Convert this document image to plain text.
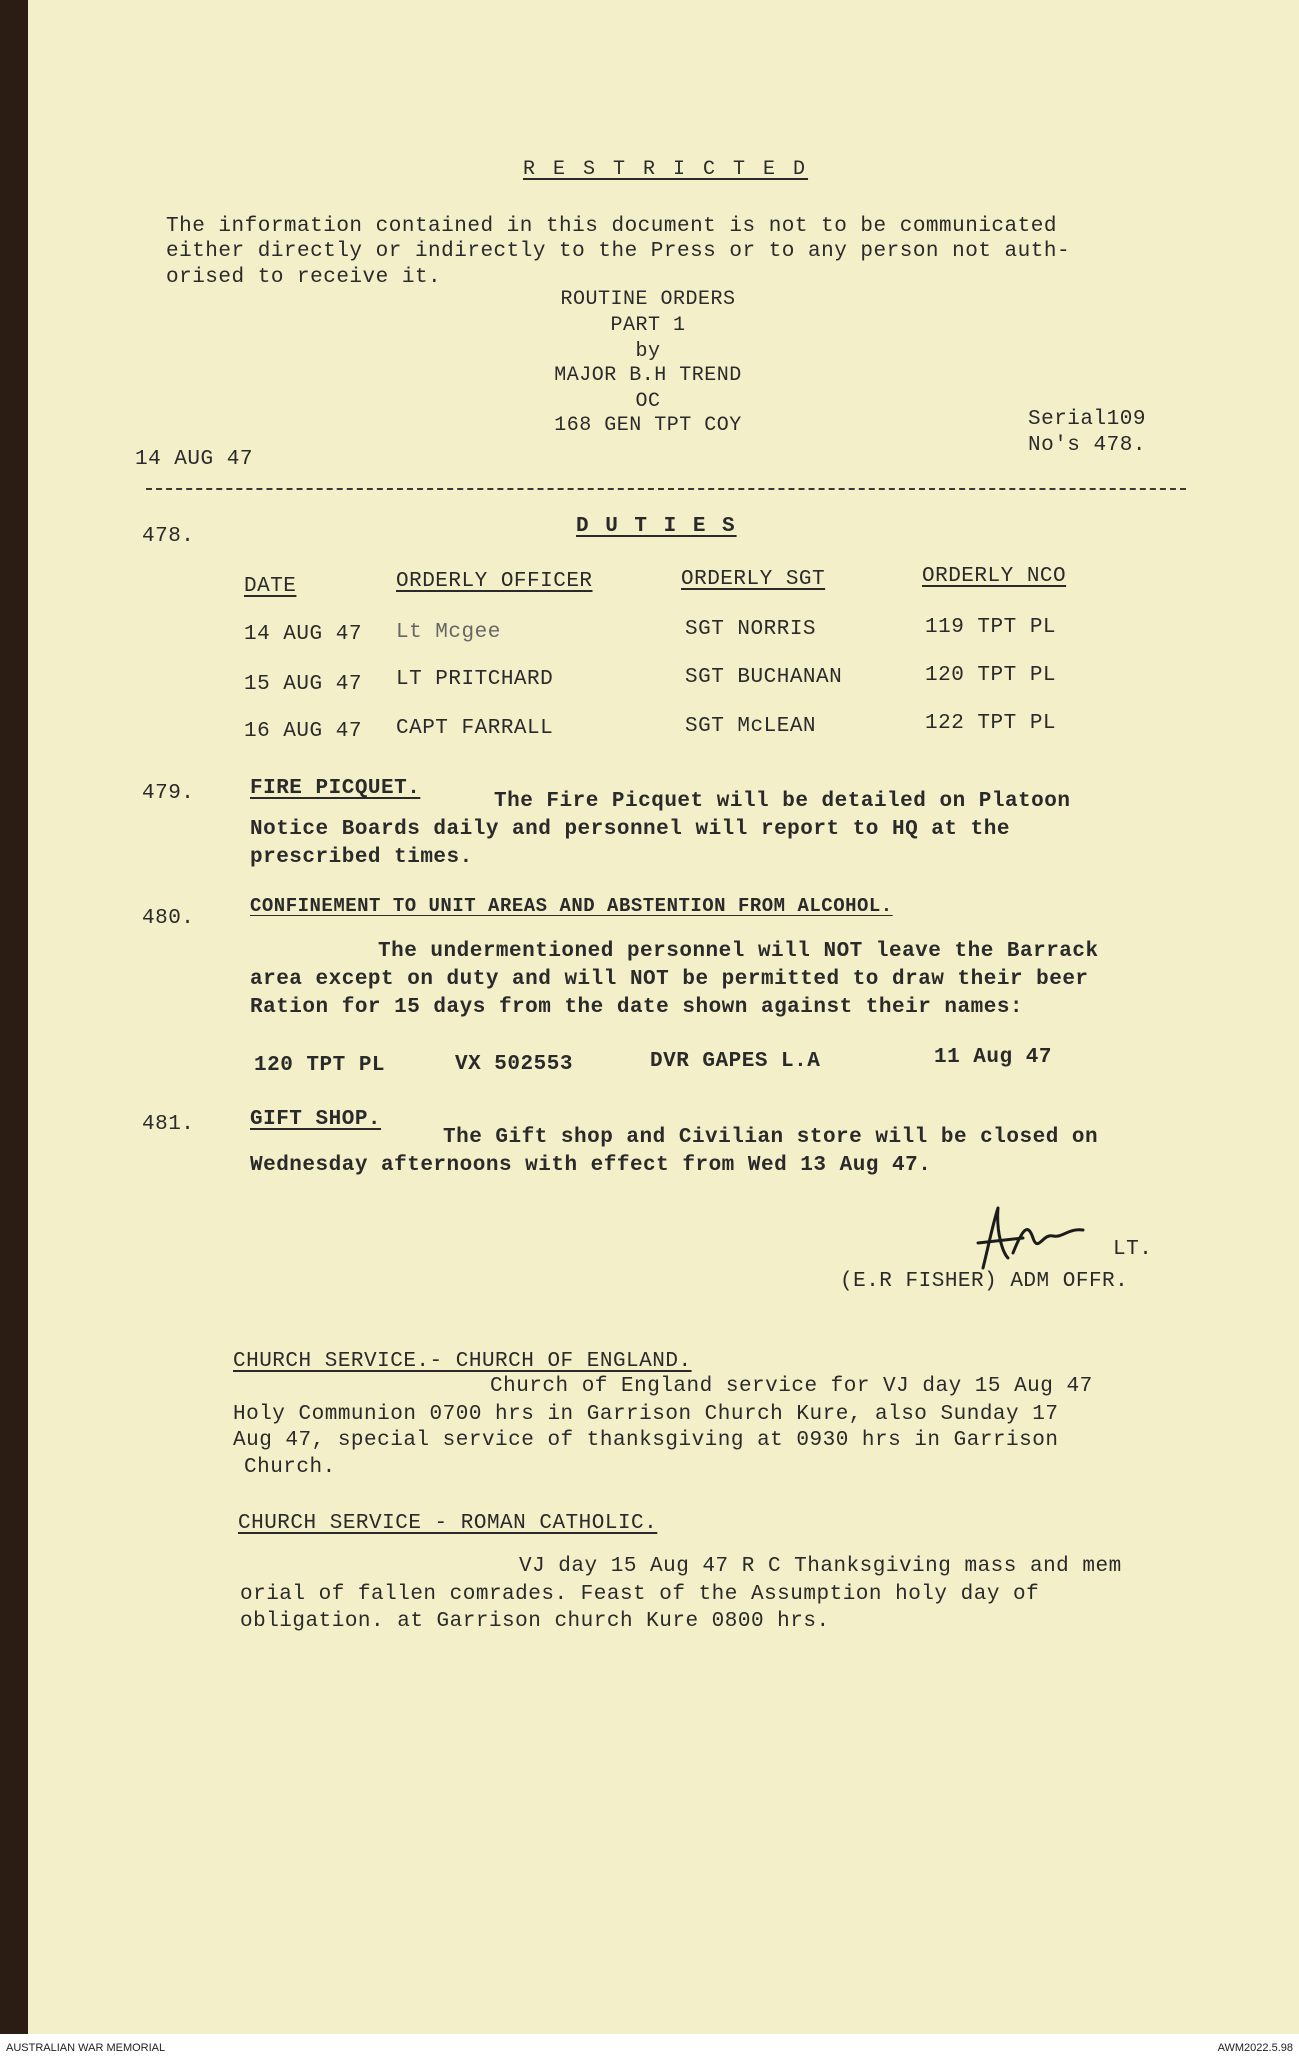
R E S T R I C T E D
The information contained in this document is not to be communicated
either directly or indirectly to the Press or to any person not auth-
orised to receive it.
ROUTINE ORDERS
PART 1
by
MAJOR B.H TREND
OC
168 GEN TPT COY
14 AUG 47
Serial109
No's 478.
478.	D U T I E S
DATE	ORDERLY OFFICER	ORDERLY SGT	ORDERLY NCO
14 AUG 47 Lt Mcgee	SGT NORRIS	119 TPT PL
15 AUG 47 LT PRITCHARD	SGT BUCHANAN	120 TPT PL
16 AUG 47 CAPT FARRALL	SGT McLEAN	122 TPT PL
479.	FIRE PICQUET.
The Fire Picquet will be detailed on Platoon
Notice Boards daily and personnel will report to HQ at the
prescribed times.
480.
CONFINEMENT TO UNIT AREAS AND ABSTENTION FROM ALCOHOL.
The undermentioned personnel will NOT leave the Barrack
area except on duty and will NOT be permitted to draw their beer
Ration for 15 days from the date shown against their names:
120 TPT PL	VX 502553	DVR GAPES L.A	11 Aug 47
481.	GIFT SHOP.
The Gift shop and Civilian store will be closed on
Wednesday afternoons with effect from Wed 13 Aug 47.
LT.
(E.R FISHER) ADM OFFR.
CHURCH SERVICE.- CHURCH OF ENGLAND.
Church of England service for VJ day 15 Aug 47
Holy Communion 0700 hrs in Garrison Church Kure, also Sunday 17
Aug 47, special service of thanksgiving at 0930 hrs in Garrison
Church.
CHURCH SERVICE - ROMAN CATHOLIC.
VJ day 15 Aug 47 R C Thanksgiving mass and mem
orial of fallen comrades. Feast of the Assumption holy day of
obligation. at Garrison church Kure 0800 hrs.
AUSTRALIAN WAR MEMORIAL	AWM2022.5.98
